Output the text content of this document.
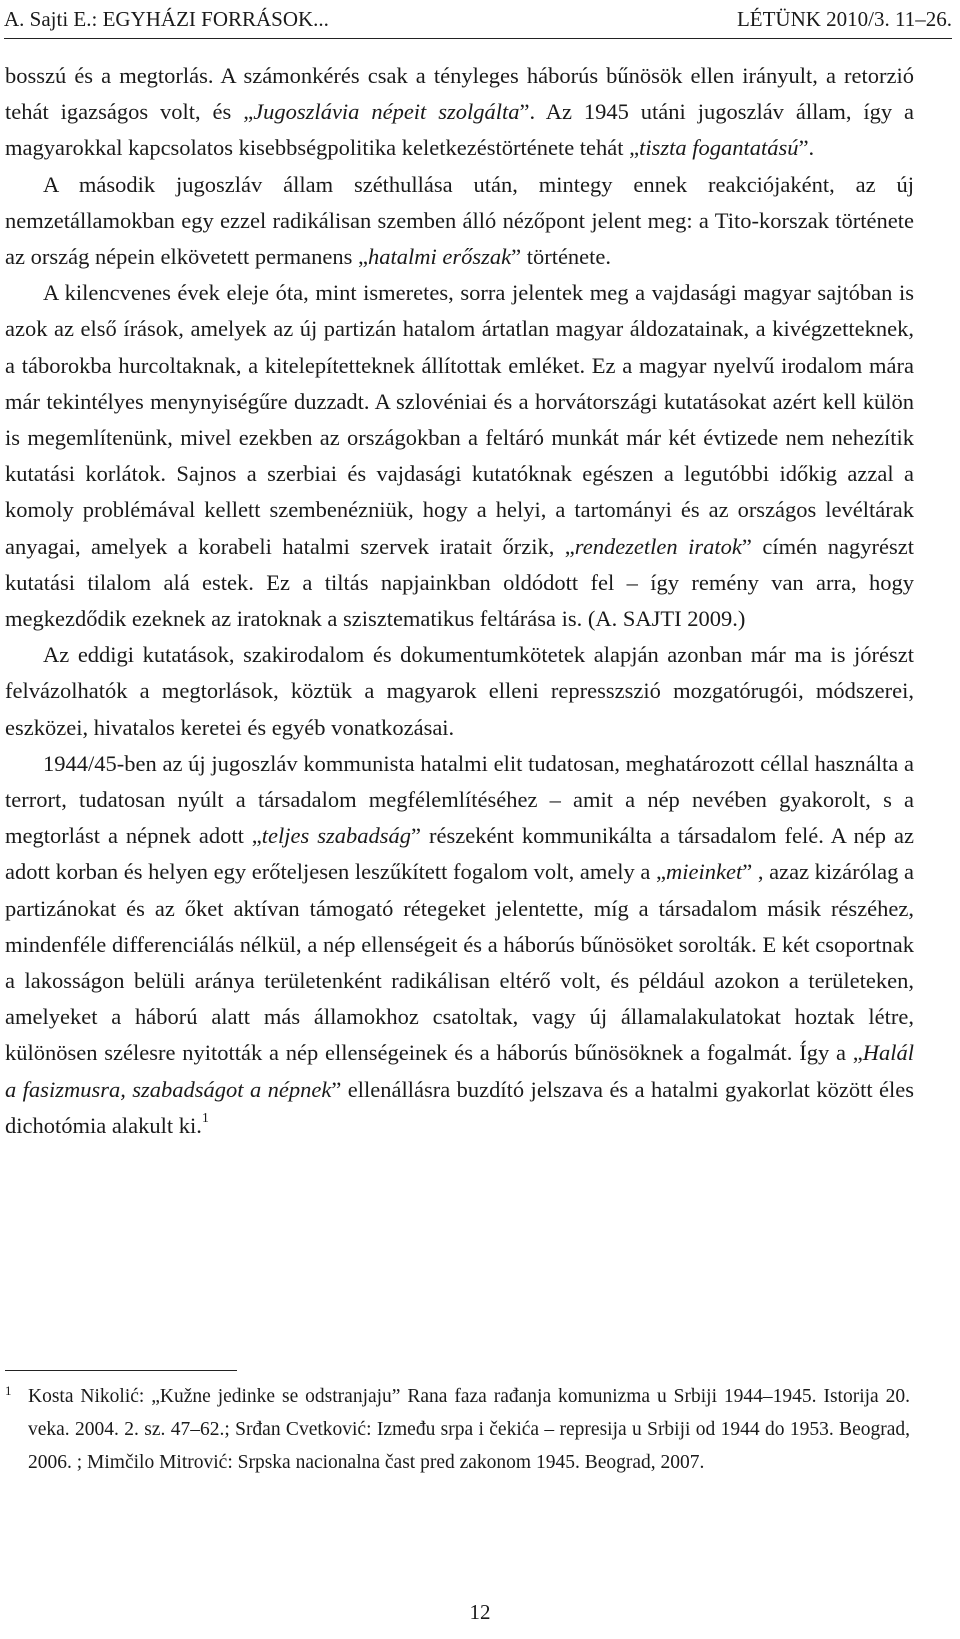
A. Sajti E.: EGYHÁZI FORRÁSOK...	LÉTÜNK 2010/3. 11–26.

bosszú és a megtorlás. A számonkérés csak a tényleges háborús bűnösök ellen irányult, a retorzió tehát igazságos volt, és „Jugoszlávia népeit szolgálta”. Az 1945 utáni jugoszláv állam, így a magyarokkal kapcsolatos kisebbségpolitika keletkezéstörténete tehát „tiszta fogantatású”.

A második jugoszláv állam széthullása után, mintegy ennek reakciójaként, az új nemzetállamokban egy ezzel radikálisan szemben álló nézőpont jelent meg: a Tito-korszak története az ország népein elkövetett permanens „hatalmi erőszak” története.

A kilencvenes évek eleje óta, mint ismeretes, sorra jelentek meg a vajdasági magyar sajtóban is azok az első írások, amelyek az új partizán hatalom ártatlan magyar áldozatainak, a kivégzetteknek, a táborokba hurcoltaknak, a kitelepítetteknek állítottak emléket. Ez a magyar nyelvű irodalom mára már tekintélyes menynyiségűre duzzadt. A szlovéniai és a horvátországi kutatásokat azért kell külön is megemlítenünk, mivel ezekben az országokban a feltáró munkát már két évtizede nem nehezítik kutatási korlátok. Sajnos a szerbiai és vajdasági kutatóknak egészen a legutóbbi időkig azzal a komoly problémával kellett szembenézniük, hogy a helyi, a tartományi és az országos levéltárak anyagai, amelyek a korabeli hatalmi szervek iratait őrzik, „rendezetlen iratok” címén nagyrészt kutatási tilalom alá estek. Ez a tiltás napjainkban oldódott fel – így remény van arra, hogy megkezdődik ezeknek az iratoknak a szisztematikus feltárása is. (A. SAJTI 2009.)

Az eddigi kutatások, szakirodalom és dokumentumkötetek alapján azonban már ma is jórészt felvázolhatók a megtorlások, köztük a magyarok elleni represszszió mozgatórugói, módszerei, eszközei, hivatalos keretei és egyéb vonatkozásai.

1944/45-ben az új jugoszláv kommunista hatalmi elit tudatosan, meghatározott céllal használta a terrort, tudatosan nyúlt a társadalom megfélemlítéséhez – amit a nép nevében gyakorolt, s a megtorlást a népnek adott „teljes szabadság” részeként kommunikálta a társadalom felé. A nép az adott korban és helyen egy erőteljesen leszűkített fogalom volt, amely a „mieinket” , azaz kizárólag a partizánokat és az őket aktívan támogató rétegeket jelentette, míg a társadalom másik részéhez, mindenféle differenciálás nélkül, a nép ellenségeit és a háborús bűnösöket sorolták. E két csoportnak a lakosságon belüli aránya területenként radikálisan eltérő volt, és például azokon a területeken, amelyeket a háború alatt más államokhoz csatoltak, vagy új államalakulatokat hoztak létre, különösen szélesre nyitották a nép ellenségeinek és a háborús bűnösöknek a fogalmát. Így a „Halál a fasizmusra, szabadságot a népnek” ellenállásra buzdító jelszava és a hatalmi gyakorlat között éles dichotómia alakult ki.$^1$

1 Kosta Nikolić: „Kužne jedinke se odstranjaju” Rana faza rađanja komunizma u Srbiji 1944–1945. Istorija 20. veka. 2004. 2. sz. 47–62.; Srđan Cvetković: Između srpa i čekića – represija u Srbiji od 1944 do 1953. Beograd, 2006. ; Mimčilo Mitrović: Srpska nacionalna čast pred zakonom 1945. Beograd, 2007.
12
